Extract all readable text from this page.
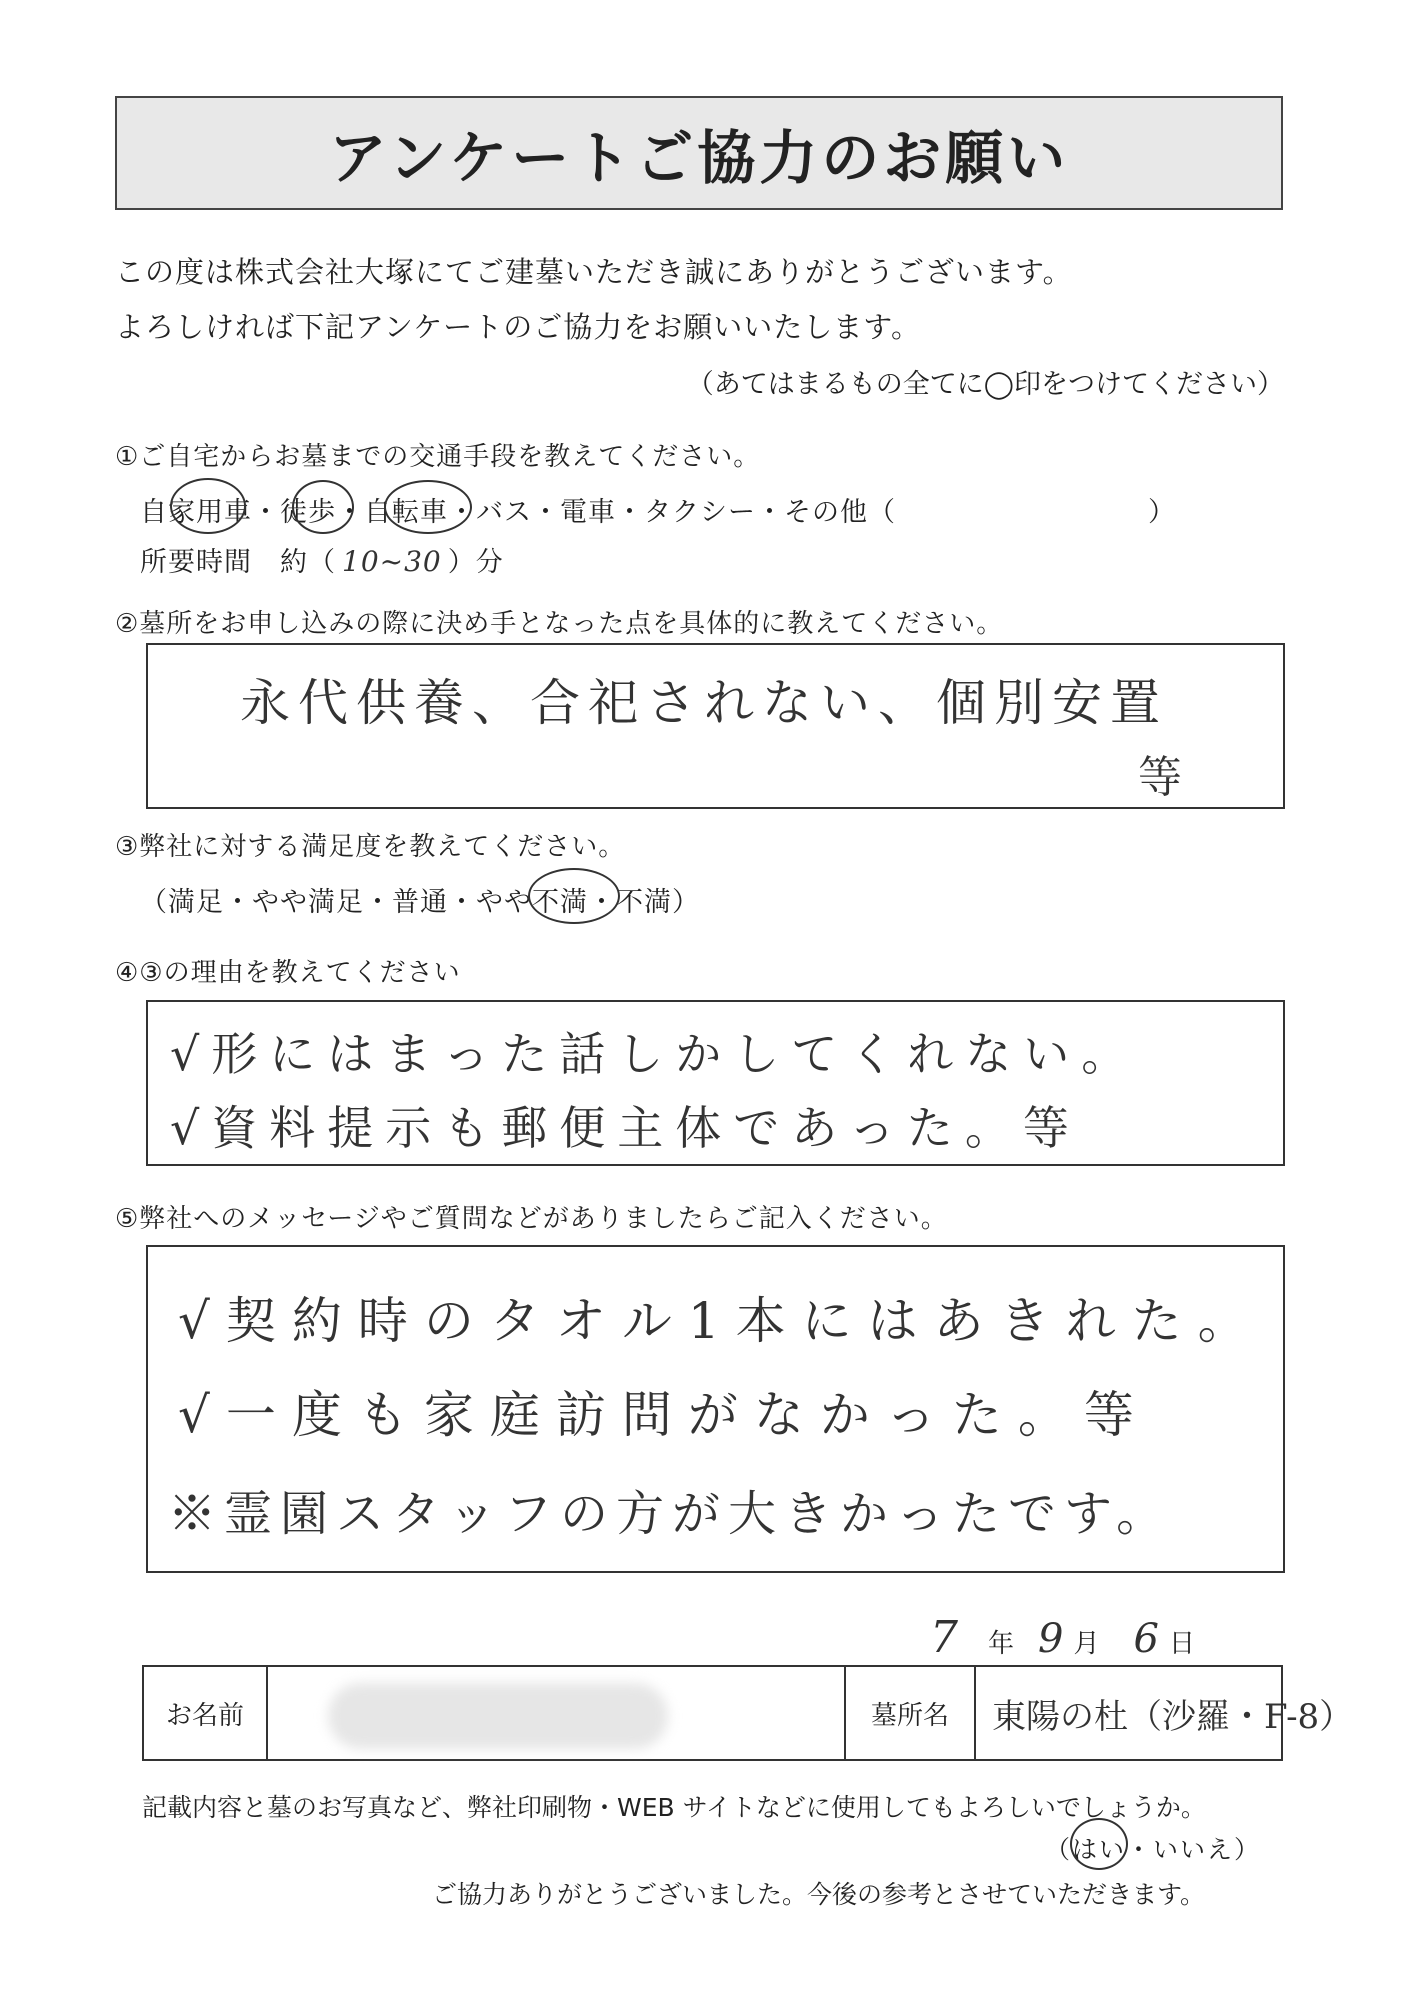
アンケートご協力のお願い
この度は株式会社大塚にてご建墓いただき誠にありがとうございます。
よろしければ下記アンケートのご協力をお願いいたします。
（あてはまるもの全てに◯印をつけてください）
①ご自宅からお墓までの交通手段を教えてください。
自家用車・徒歩・自転車・バス・電車・タクシー・その他（　　　　　　　　　）
所要時間　約（ 10~30 ）分
②墓所をお申し込みの際に決め手となった点を具体的に教えてください。
永代供養、合祀されない、個別安置
等
③弊社に対する満足度を教えてください。
（満足・やや満足・普通・やや不満・不満）
④③の理由を教えてください
√形にはまった話しかしてくれない。
√資料提示も郵便主体であった。等
⑤弊社へのメッセージやご質問などがありましたらご記入ください。
√契約時のタオル1本にはあきれた。
√一度も家庭訪問がなかった。等
※霊園スタッフの方が大きかったです。
7 年 9 月 6 日
お名前	墓所名 東陽の杜（沙羅・F-8）
記載内容と墓のお写真など、弊社印刷物・WEB サイトなどに使用してもよろしいでしょうか。
（はい・いいえ）
ご協力ありがとうございました。今後の参考とさせていただきます。
